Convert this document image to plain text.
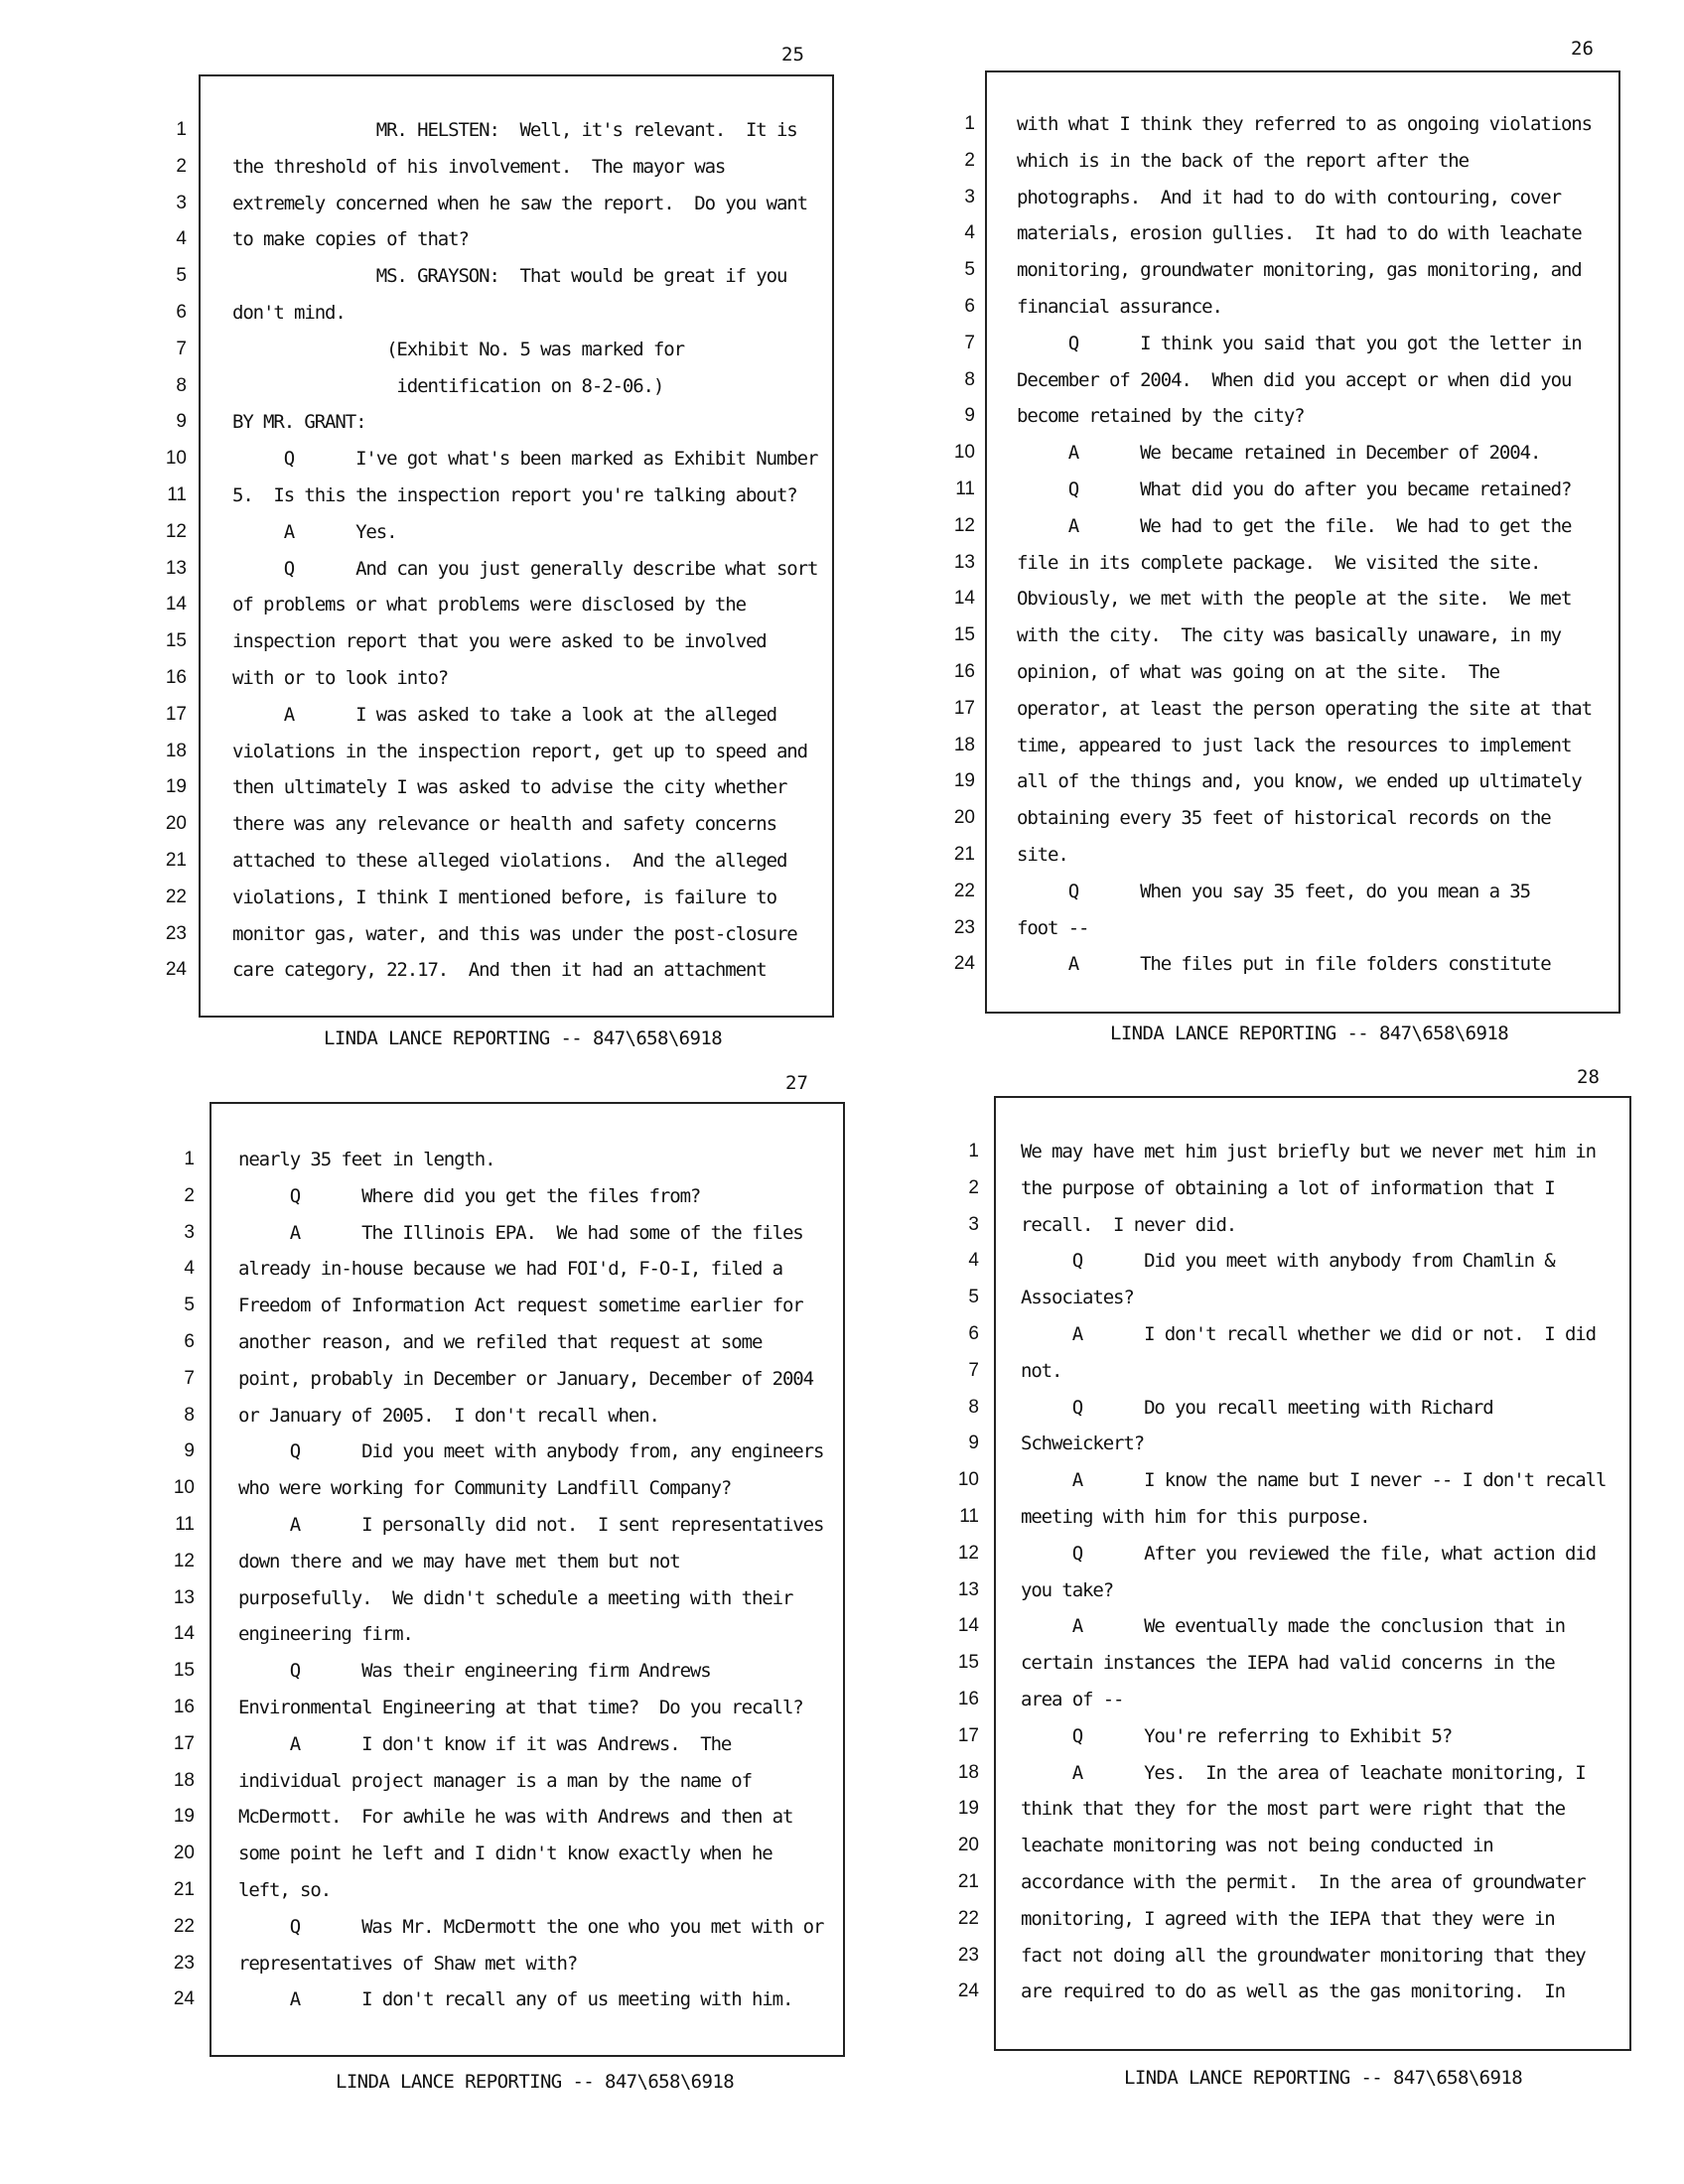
25
1
2
3
4
5
6
7
8
9
10
11
12
13
14
15
16
17
18
19
20
21
22
23
24
MR. HELSTEN:  Well, it's relevant.  It is
the threshold of his involvement.  The mayor was
extremely concerned when he saw the report.  Do you want
to make copies of that?
MS. GRAYSON:  That would be great if you
don't mind.
(Exhibit No. 5 was marked for
identification on 8-2-06.)
BY MR. GRANT:
Q      I've got what's been marked as Exhibit Number
5.  Is this the inspection report you're talking about?
A      Yes.
Q      And can you just generally describe what sort
of problems or what problems were disclosed by the
inspection report that you were asked to be involved
with or to look into?
A      I was asked to take a look at the alleged
violations in the inspection report, get up to speed and
then ultimately I was asked to advise the city whether
there was any relevance or health and safety concerns
attached to these alleged violations.  And the alleged
violations, I think I mentioned before, is failure to
monitor gas, water, and this was under the post-closure
care category, 22.17.  And then it had an attachment
LINDA LANCE REPORTING -- 847\658\6918
26
1
2
3
4
5
6
7
8
9
10
11
12
13
14
15
16
17
18
19
20
21
22
23
24
with what I think they referred to as ongoing violations
which is in the back of the report after the
photographs.  And it had to do with contouring, cover
materials, erosion gullies.  It had to do with leachate
monitoring, groundwater monitoring, gas monitoring, and
financial assurance.
Q      I think you said that you got the letter in
December of 2004.  When did you accept or when did you
become retained by the city?
A      We became retained in December of 2004.
Q      What did you do after you became retained?
A      We had to get the file.  We had to get the
file in its complete package.  We visited the site.
Obviously, we met with the people at the site.  We met
with the city.  The city was basically unaware, in my
opinion, of what was going on at the site.  The
operator, at least the person operating the site at that
time, appeared to just lack the resources to implement
all of the things and, you know, we ended up ultimately
obtaining every 35 feet of historical records on the
site.
Q      When you say 35 feet, do you mean a 35
foot --
A      The files put in file folders constitute
LINDA LANCE REPORTING -- 847\658\6918
27
1
2
3
4
5
6
7
8
9
10
11
12
13
14
15
16
17
18
19
20
21
22
23
24
nearly 35 feet in length.
Q      Where did you get the files from?
A      The Illinois EPA.  We had some of the files
already in-house because we had FOI'd, F-O-I, filed a
Freedom of Information Act request sometime earlier for
another reason, and we refiled that request at some
point, probably in December or January, December of 2004
or January of 2005.  I don't recall when.
Q      Did you meet with anybody from, any engineers
who were working for Community Landfill Company?
A      I personally did not.  I sent representatives
down there and we may have met them but not
purposefully.  We didn't schedule a meeting with their
engineering firm.
Q      Was their engineering firm Andrews
Environmental Engineering at that time?  Do you recall?
A      I don't know if it was Andrews.  The
individual project manager is a man by the name of
McDermott.  For awhile he was with Andrews and then at
some point he left and I didn't know exactly when he
left, so.
Q      Was Mr. McDermott the one who you met with or
representatives of Shaw met with?
A      I don't recall any of us meeting with him.
LINDA LANCE REPORTING -- 847\658\6918
28
1
2
3
4
5
6
7
8
9
10
11
12
13
14
15
16
17
18
19
20
21
22
23
24
We may have met him just briefly but we never met him in
the purpose of obtaining a lot of information that I
recall.  I never did.
Q      Did you meet with anybody from Chamlin &
Associates?
A      I don't recall whether we did or not.  I did
not.
Q      Do you recall meeting with Richard
Schweickert?
A      I know the name but I never -- I don't recall
meeting with him for this purpose.
Q      After you reviewed the file, what action did
you take?
A      We eventually made the conclusion that in
certain instances the IEPA had valid concerns in the
area of --
Q      You're referring to Exhibit 5?
A      Yes.  In the area of leachate monitoring, I
think that they for the most part were right that the
leachate monitoring was not being conducted in
accordance with the permit.  In the area of groundwater
monitoring, I agreed with the IEPA that they were in
fact not doing all the groundwater monitoring that they
are required to do as well as the gas monitoring.  In
LINDA LANCE REPORTING -- 847\658\6918
